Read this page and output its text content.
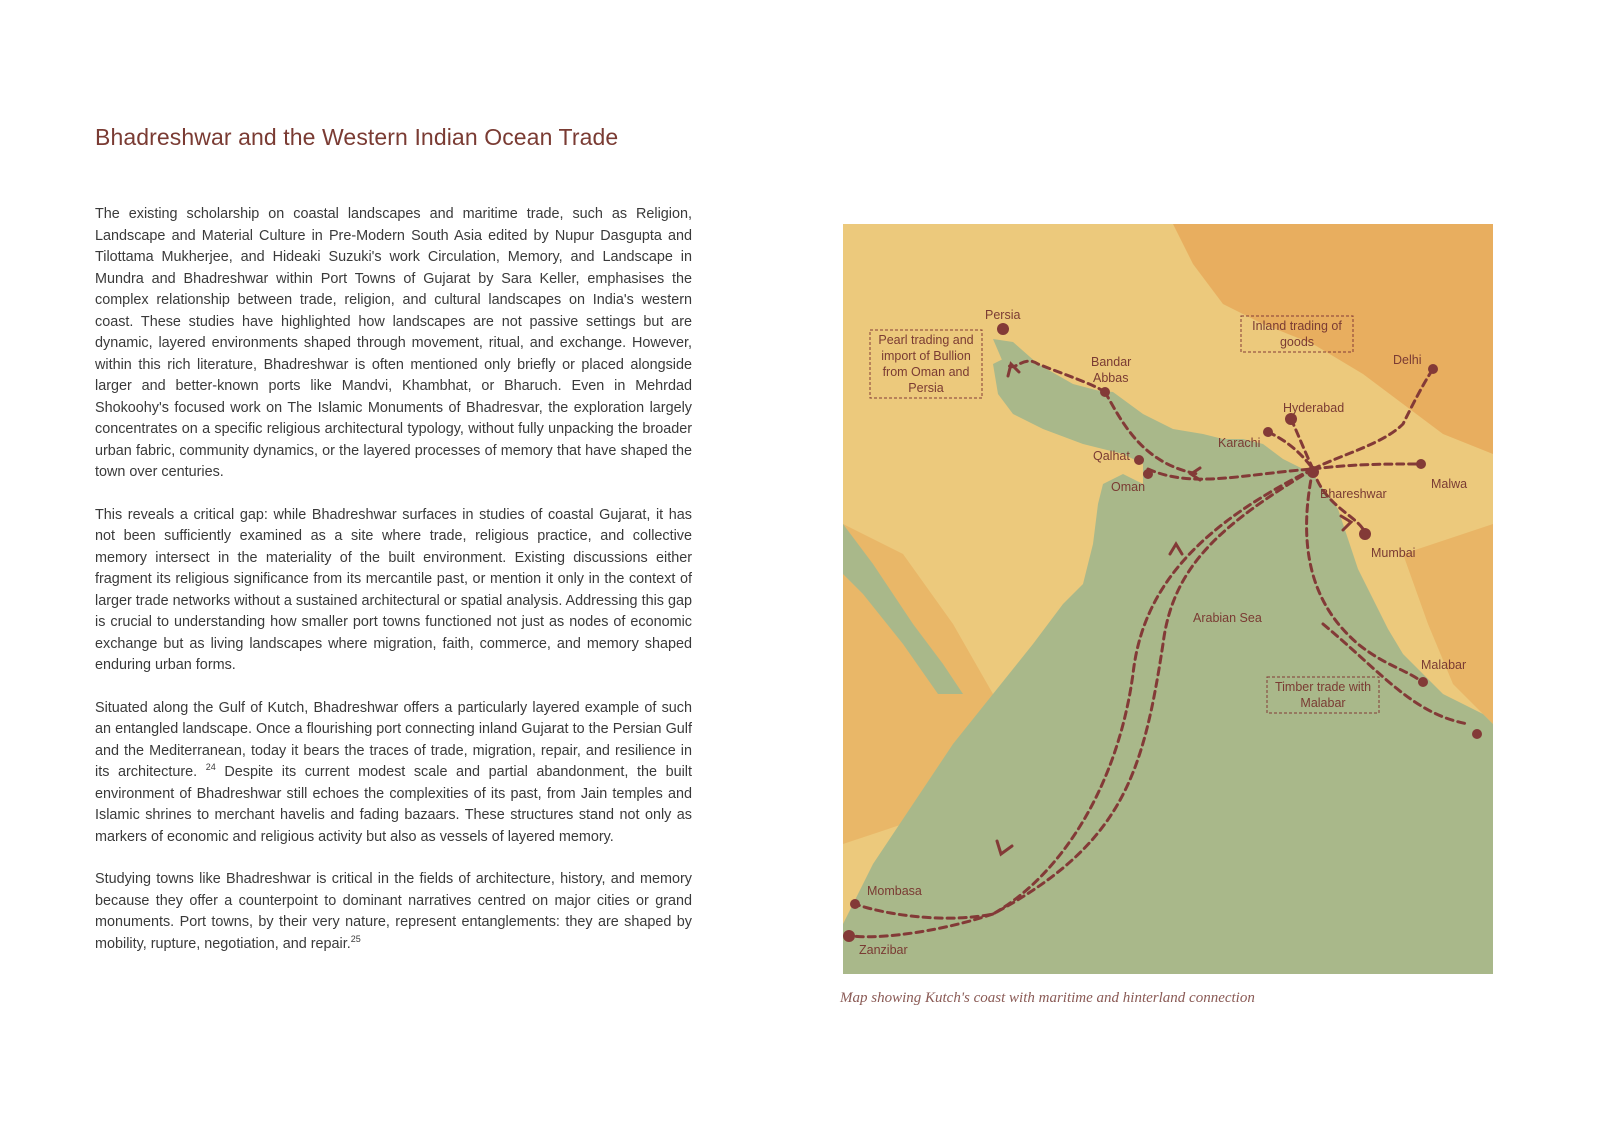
Bhadreshwar and the Western Indian Ocean Trade

The existing scholarship on coastal landscapes and maritime trade, such as Religion, Landscape and Material Culture in Pre-Modern South Asia edited by Nupur Dasgupta and Tilottama Mukherjee, and Hideaki Suzuki's work Circulation, Memory, and Landscape in Mundra and Bhadreshwar within Port Towns of Gujarat by Sara Keller, emphasises the complex relationship between trade, religion, and cultural landscapes on India's western coast. These studies have highlighted how landscapes are not passive settings but are dynamic, layered environments shaped through movement, ritual, and exchange. However, within this rich literature, Bhadreshwar is often mentioned only briefly or placed alongside larger and better-known ports like Mandvi, Khambhat, or Bharuch. Even in Mehrdad Shokoohy's focused work on The Islamic Monuments of Bhadresvar, the exploration largely concentrates on a specific religious architectural typology, without fully unpacking the broader urban fabric, community dynamics, or the layered processes of memory that have shaped the town over centuries.

This reveals a critical gap: while Bhadreshwar surfaces in studies of coastal Gujarat, it has not been sufficiently examined as a site where trade, religious practice, and collective memory intersect in the materiality of the built environment. Existing discussions either fragment its religious significance from its mercantile past, or mention it only in the context of larger trade networks without a sustained architectural or spatial analysis. Addressing this gap is crucial to understanding how smaller port towns functioned not just as nodes of economic exchange but as living landscapes where migration, faith, commerce, and memory shaped enduring urban forms.

Situated along the Gulf of Kutch, Bhadreshwar offers a particularly layered example of such an entangled landscape. Once a flourishing port connecting inland Gujarat to the Persian Gulf and the Mediterranean, today it bears the traces of trade, migration, repair, and resilience in its architecture. $^{24}$ Despite its current modest scale and partial abandonment, the built environment of Bhadreshwar still echoes the complexities of its past, from Jain temples and Islamic shrines to merchant havelis and fading bazaars. These structures stand not only as markers of economic and religious activity but also as vessels of layered memory.

Studying towns like Bhadreshwar is critical in the fields of architecture, history, and memory because they offer a counterpoint to dominant narratives centred on major cities or grand monuments. Port towns, by their very nature, represent entanglements: they are shaped by mobility, rupture, negotiation, and repair.$^{25}$

Persia
Bandar
Abbas
Delhi
Hyderabad
Karachi
Qalhat
Oman	Bhareshwar
Malwa
Mumbai
Arabian Sea
Malabar
Mombasa
Zanzibar
Pearl trading and
import of Bullion
from Oman and
Persia
Inland trading of
goods
Timber trade with
Malabar
Map showing Kutch's coast with maritime and hinterland connection
